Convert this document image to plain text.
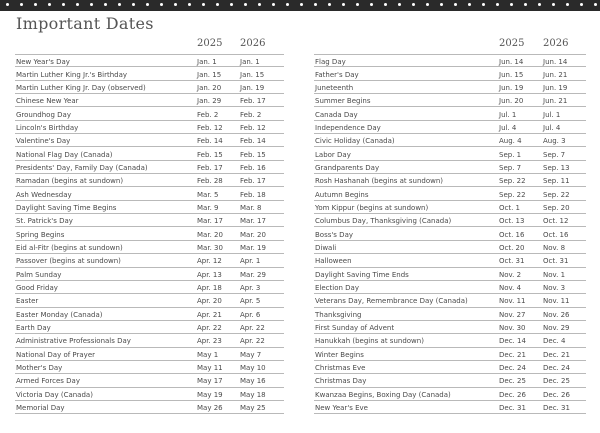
Important Dates
2025 2026
New Year's Day	Jan. 1	Jan. 1
Martin Luther King Jr.'s Birthday	Jan. 15	Jan. 15
Martin Luther King Jr. Day (observed)	Jan. 20	Jan. 19
Chinese New Year	Jan. 29	Feb. 17
Groundhog Day	Feb. 2	Feb. 2
Lincoln's Birthday	Feb. 12 Feb. 12
Valentine's Day	Feb. 14 Feb. 14
National Flag Day (Canada)	Feb. 15 Feb. 15
Presidents' Day, Family Day (Canada)	Feb. 17 Feb. 16
Ramadan (begins at sundown)	Feb. 28 Feb. 17
Ash Wednesday	Mar. 5	Feb. 18
Daylight Saving Time Begins	Mar. 9	Mar. 8
St. Patrick's Day	Mar. 17 Mar. 17
Spring Begins	Mar. 20 Mar. 20
Eid al-Fitr (begins at sundown)	Mar. 30 Mar. 19
Passover (begins at sundown)	Apr. 12	Apr. 1
Palm Sunday	Apr. 13	Mar. 29
Good Friday	Apr. 18	Apr. 3
Easter	Apr. 20	Apr. 5
Easter Monday (Canada)	Apr. 21	Apr. 6
Earth Day	Apr. 22	Apr. 22
Administrative Professionals Day	Apr. 23	Apr. 22
National Day of Prayer	May 1	May 7
Mother's Day	May 11 May 10
Armed Forces Day	May 17 May 16
Victoria Day (Canada)	May 19 May 18
Memorial Day	May 26 May 25
2025 2026
Flag Day	Jun. 14	Jun. 14
Father's Day	Jun. 15	Jun. 21
Juneteenth	Jun. 19	Jun. 19
Summer Begins	Jun. 20	Jun. 21
Canada Day	Jul. 1	Jul. 1
Independence Day	Jul. 4	Jul. 4
Civic Holiday (Canada)	Aug. 4	Aug. 3
Labor Day	Sep. 1	Sep. 7
Grandparents Day	Sep. 7	Sep. 13
Rosh Hashanah (begins at sundown)	Sep. 22 Sep. 11
Autumn Begins	Sep. 22 Sep. 22
Yom Kippur (begins at sundown)	Oct. 1	Sep. 20
Columbus Day, Thanksgiving (Canada)	Oct. 13	Oct. 12
Boss's Day	Oct. 16	Oct. 16
Diwali	Oct. 20	Nov. 8
Halloween	Oct. 31	Oct. 31
Daylight Saving Time Ends	Nov. 2	Nov. 1
Election Day	Nov. 4	Nov. 3
Veterans Day, Remembrance Day (Canada)	Nov. 11	Nov. 11
Thanksgiving	Nov. 27	Nov. 26
First Sunday of Advent	Nov. 30	Nov. 29
Hanukkah (begins at sundown)	Dec. 14 Dec. 4
Winter Begins	Dec. 21 Dec. 21
Christmas Eve	Dec. 24 Dec. 24
Christmas Day	Dec. 25 Dec. 25
Kwanzaa Begins, Boxing Day (Canada)	Dec. 26 Dec. 26
New Year's Eve	Dec. 31 Dec. 31
